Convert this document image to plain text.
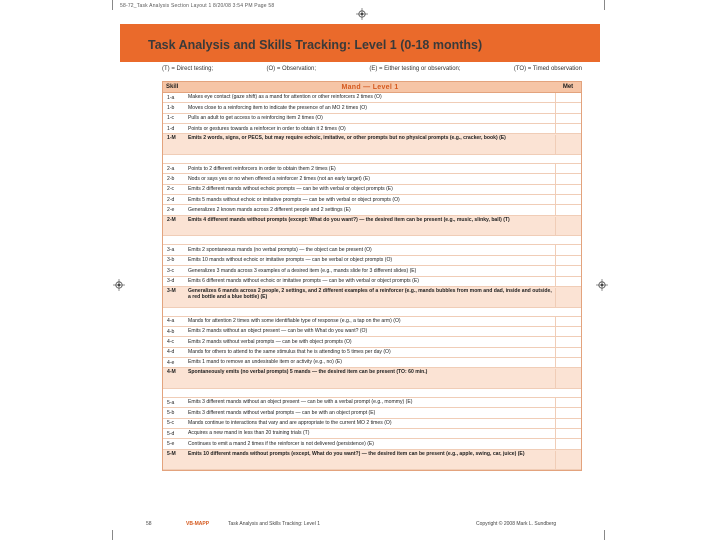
58-72_Task Analysis Section Layout 1 8/20/08 3:54 PM Page 58
Task Analysis and Skills Tracking: Level 1 (0-18 months)
(T) = Direct testing;	(O) = Observation;	(E) = Either testing or observation;	(TO) = Timed observation
Skill	Mand — Level 1	Met
1-a	Makes eye contact (gaze shift) as a mand for attention or other reinforcers 2 times (O)
1-b	Moves close to a reinforcing item to indicate the presence of an MO 2 times (O)
1-c	Pulls an adult to get access to a reinforcing item 2 times (O)
1-d	Points or gestures towards a reinforcer in order to obtain it 2 times (O)
1-M	Emits 2 words, signs, or PECS, but may require echoic, imitative, or other prompts but no physical prompts (e.g., cracker, book) (E)
2-a	Points to 2 different reinforcers in order to obtain them 2 times (E)
2-b	Nods or says yes or no when offered a reinforcer 2 times (not an early target) (E)
2-c	Emits 2 different mands without echoic prompts — can be with verbal or object prompts (E)
2-d	Emits 5 mands without echoic or imitative prompts — can be with verbal or object prompts (O)
2-e	Generalizes 2 known mands across 2 different people and 2 settings (E)
2-M	Emits 4 different mands without prompts (except: What do you want?) — the desired item can be present (e.g., music, slinky, ball) (T)
3-a	Emits 2 spontaneous mands (no verbal prompts) — the object can be present (O)
3-b	Emits 10 mands without echoic or imitative prompts — can be verbal or object prompts (O)
3-c	Generalizes 3 mands across 3 examples of a desired item (e.g., mands slide for 3 different slides) (E)
3-d	Emits 6 different mands without echoic or imitative prompts — can be with verbal or object prompts (E)
3-M	Generalizes 6 mands across 2 people, 2 settings, and 2 different examples of a reinforcer (e.g., mands bubbles from mom and dad, inside and outside, a red bottle and a blue bottle) (E)
4-a	Mands for attention 2 times with some identifiable type of response (e.g., a tap on the arm) (O)
4-b	Emits 2 mands without an object present — can be with What do you want? (O)
4-c	Emits 2 mands without verbal prompts — can be with object prompts (O)
4-d	Mands for others to attend to the same stimulus that he is attending to 5 times per day (O)
4-e	Emits 1 mand to remove an undesirable item or activity (e.g., no) (E)
4-M	Spontaneously emits (no verbal prompts) 5 mands — the desired item can be present (TO: 60 min.)
5-a	Emits 3 different mands without an object present — can be with a verbal prompt (e.g., mommy) (E)
5-b	Emits 3 different mands without verbal prompts — can be with an object prompt (E)
5-c	Mands continue to interactions that vary and are appropriate to the current MO 2 times (O)
5-d	Acquires a new mand in less than 20 training trials (T)
5-e	Continues to emit a mand 2 times if the reinforcer is not delivered (persistence) (E)
5-M	Emits 10 different mands without prompts (except, What do you want?) — the desired item can be present (e.g., apple, swing, car, juice) (E)
58	VB-MAPP	Task Analysis and Skills Tracking: Level 1	Copyright © 2008 Mark L. Sundberg
